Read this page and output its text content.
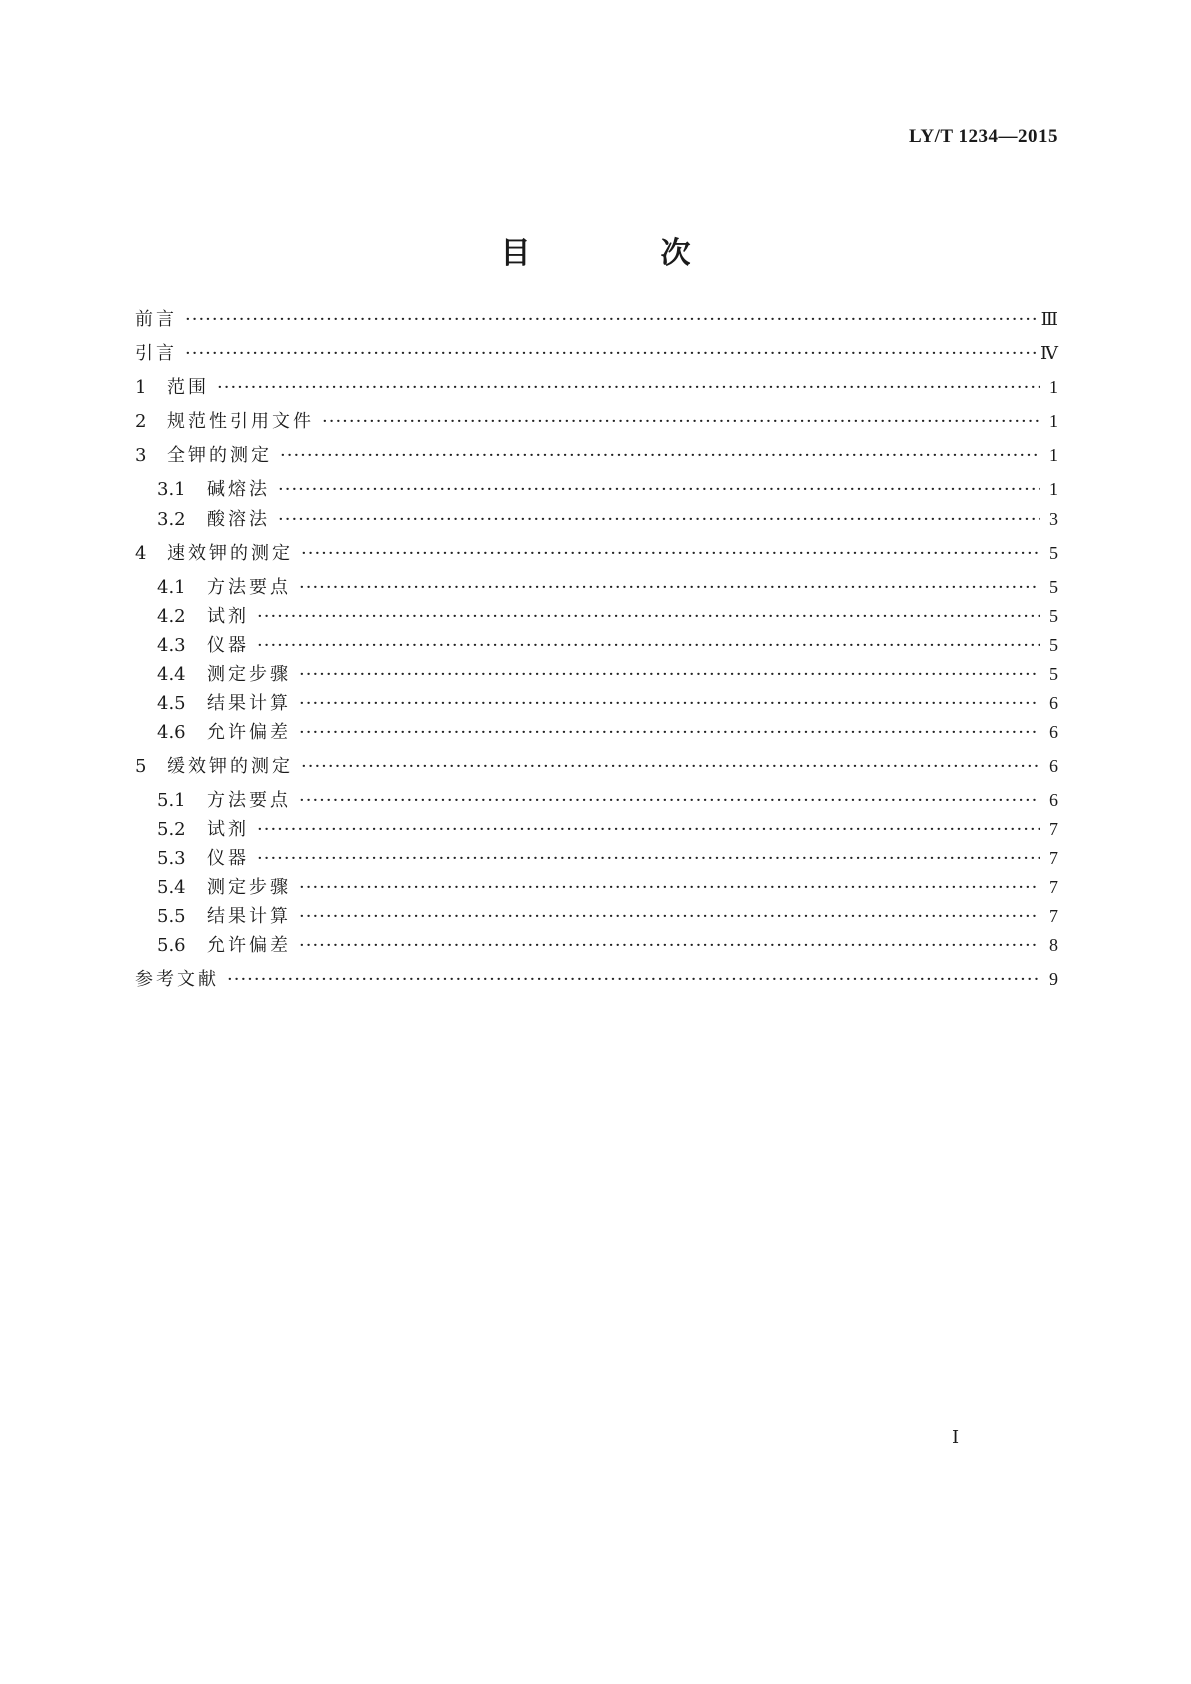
LY/T 1234—2015
目　次
前言 ·····	Ⅲ
引言 ·····	Ⅳ
1	范围 ·····	1
2	规范性引用文件 ·····	1
3	全钾的测定 ·····	1
3.1	碱熔法 ·····	1
3.2	酸溶法 ·····	3
4	速效钾的测定 ·····	5
4.1	方法要点 ·····	5
4.2	试剂 ·····	5
4.3	仪器 ·····	5
4.4	测定步骤 ·····	5
4.5	结果计算 ·····	6
4.6	允许偏差 ·····	6
5	缓效钾的测定 ·····	6
5.1	方法要点 ·····	6
5.2	试剂 ·····	7
5.3	仪器 ·····	7
5.4	测定步骤 ·····	7
5.5	结果计算 ·····	7
5.6	允许偏差 ·····	8
参考文献 ·····	9
Ⅰ
